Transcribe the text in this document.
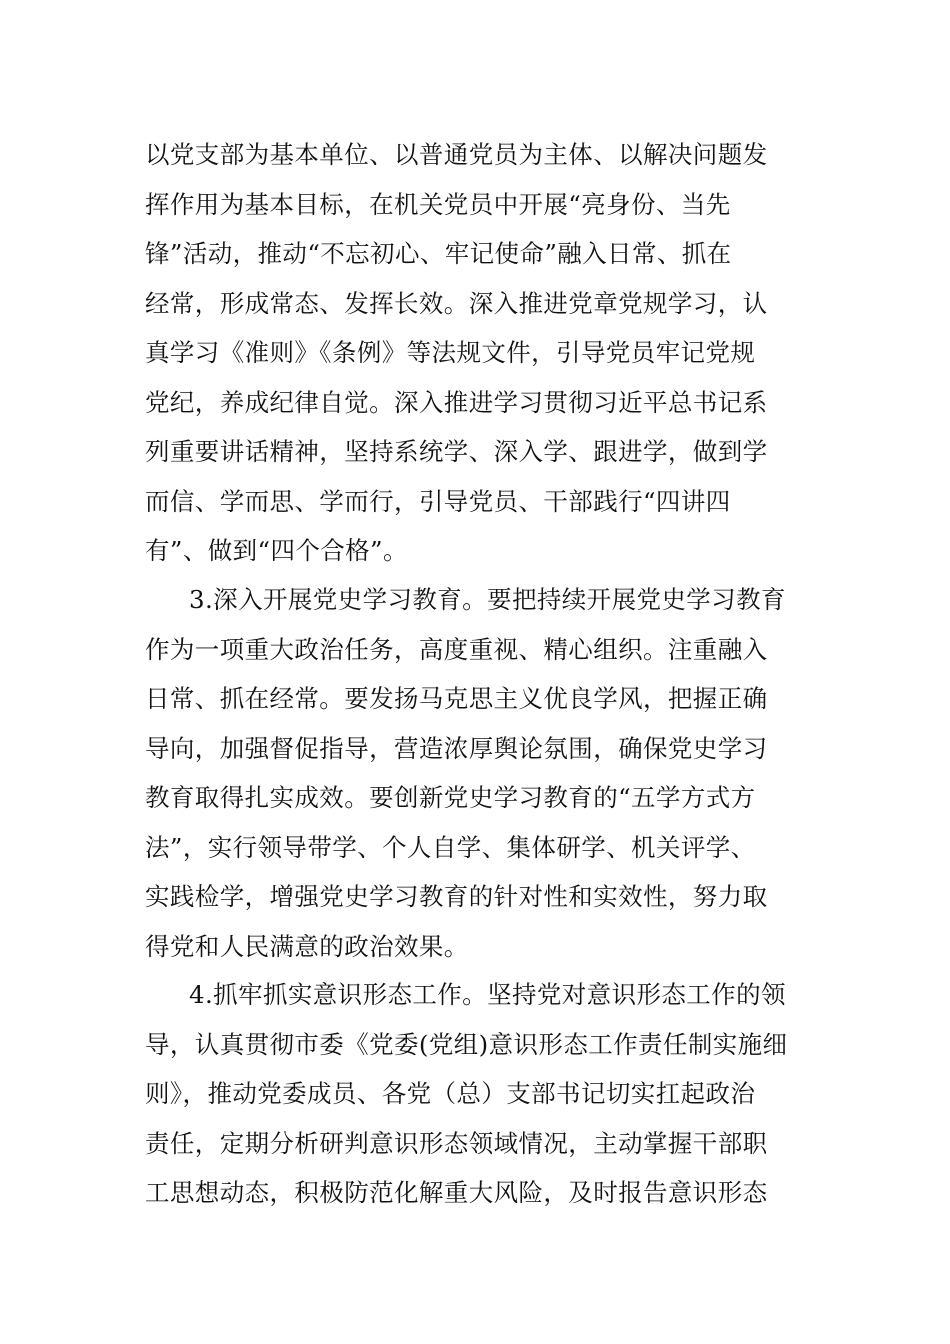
以党支部为基本单位、以普通党员为主体、以解决问题发
挥作用为基本目标，在机关党员中开展“亮身份、当先
锋”活动，推动“不忘初心、牢记使命”融入日常、抓在
经常，形成常态、发挥长效。深入推进党章党规学习，认
真学习《准则》《条例》等法规文件，引导党员牢记党规
党纪，养成纪律自觉。深入推进学习贯彻习近平总书记系
列重要讲话精神，坚持系统学、深入学、跟进学，做到学
而信、学而思、学而行，引导党员、干部践行“四讲四
有”、做到“四个合格”。
3.深入开展党史学习教育。要把持续开展党史学习教育
作为一项重大政治任务，高度重视、精心组织。注重融入
日常、抓在经常。要发扬马克思主义优良学风，把握正确
导向，加强督促指导，营造浓厚舆论氛围，确保党史学习
教育取得扎实成效。要创新党史学习教育的“五学方式方
法”，实行领导带学、个人自学、集体研学、机关评学、
实践检学，增强党史学习教育的针对性和实效性，努力取
得党和人民满意的政治效果。
4.抓牢抓实意识形态工作。坚持党对意识形态工作的领
导，认真贯彻市委《党委(党组)意识形态工作责任制实施细
则》，推动党委成员、各党（总）支部书记切实扛起政治
责任，定期分析研判意识形态领域情况，主动掌握干部职
工思想动态，积极防范化解重大风险，及时报告意识形态
